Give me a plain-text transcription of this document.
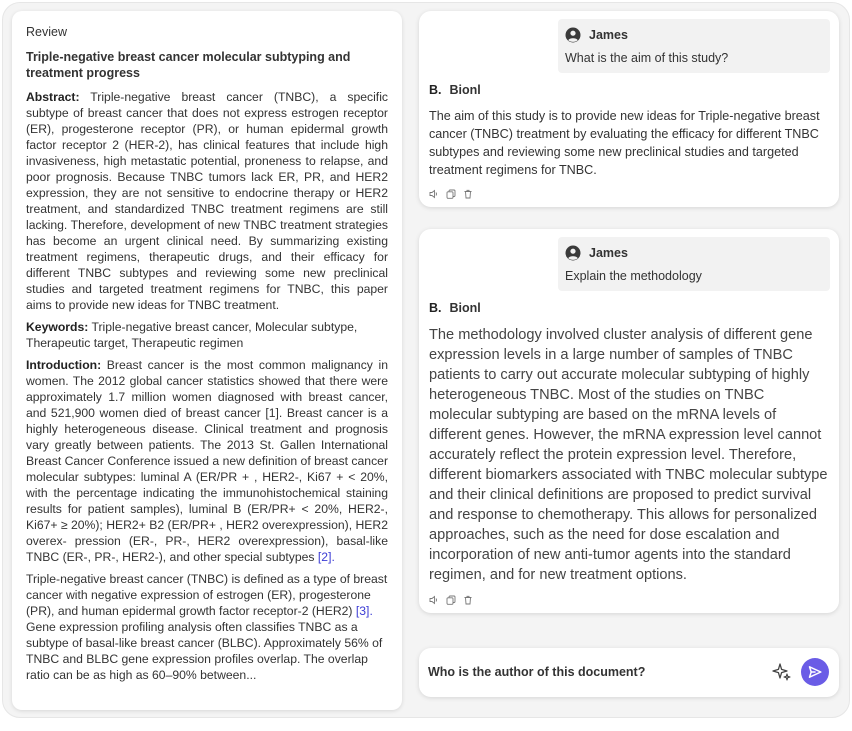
Review
Triple-negative breast cancer molecular subtyping and treatment progress

Abstract: Triple-negative breast cancer (TNBC), a specific subtype of breast cancer that does not express estrogen receptor (ER), progesterone receptor (PR), or human epidermal growth factor receptor 2 (HER-2), has clinical features that include high invasiveness, high metastatic potential, proneness to relapse, and poor prognosis. Because TNBC tumors lack ER, PR, and HER2 expression, they are not sensitive to endocrine therapy or HER2 treatment, and standardized TNBC treatment regimens are still lacking. Therefore, development of new TNBC treatment strategies has become an urgent clinical need. By summarizing existing treatment regimens, therapeutic drugs, and their efficacy for different TNBC subtypes and reviewing some new preclinical studies and targeted treatment regimens for TNBC, this paper aims to provide new ideas for TNBC treatment.

Keywords: Triple-negative breast cancer, Molecular subtype, Therapeutic target, Therapeutic regimen

Introduction: Breast cancer is the most common malignancy in women. The 2012 global cancer statistics showed that there were approximately 1.7 million women diagnosed with breast cancer, and 521,900 women died of breast cancer [1]. Breast cancer is a highly heterogeneous disease. Clinical treatment and prognosis vary greatly between patients. The 2013 St. Gallen International Breast Cancer Conference issued a new definition of breast cancer molecular subtypes: luminal A (ER/PR + , HER2-, Ki67 + < 20%, with the percentage indicating the immunohistochemical staining results for patient samples), luminal B (ER/PR+ < 20%, HER2-, Ki67+ ≥ 20%); HER2+ B2 (ER/PR+ , HER2 overexpression), HER2 overex- pression (ER-, PR-, HER2 overexpression), basal-like TNBC (ER-, PR-, HER2-), and other special subtypes [2].

Triple-negative breast cancer (TNBC) is defined as a type of breast cancer with negative expression of estrogen (ER), progesterone (PR), and human epidermal growth factor receptor-2 (HER2) [3]. Gene expression profiling analysis often classifies TNBC as a subtype of basal-like breast cancer (BLBC). Approximately 56% of TNBC and BLBC gene expression profiles overlap. The overlap ratio can be as high as 60–90% between...

James
What is the aim of this study?
B. Bionl
The aim of this study is to provide new ideas for Triple-negative breast cancer (TNBC) treatment by evaluating the efficacy for different TNBC subtypes and reviewing some new preclinical studies and targeted treatment regimens for TNBC.
James
Explain the methodology
B. Bionl
The methodology involved cluster analysis of different gene expression levels in a large number of samples of TNBC patients to carry out accurate molecular subtyping of highly heterogeneous TNBC. Most of the studies on TNBC molecular subtyping are based on the mRNA levels of different genes. However, the mRNA expression level cannot accurately reflect the protein expression level. Therefore, different biomarkers associated with TNBC molecular subtype and their clinical definitions are proposed to predict survival and response to chemotherapy. This allows for personalized approaches, such as the need for dose escalation and incorporation of new anti-tumor agents into the standard regimen, and for new treatment options.
Who is the author of this document?
